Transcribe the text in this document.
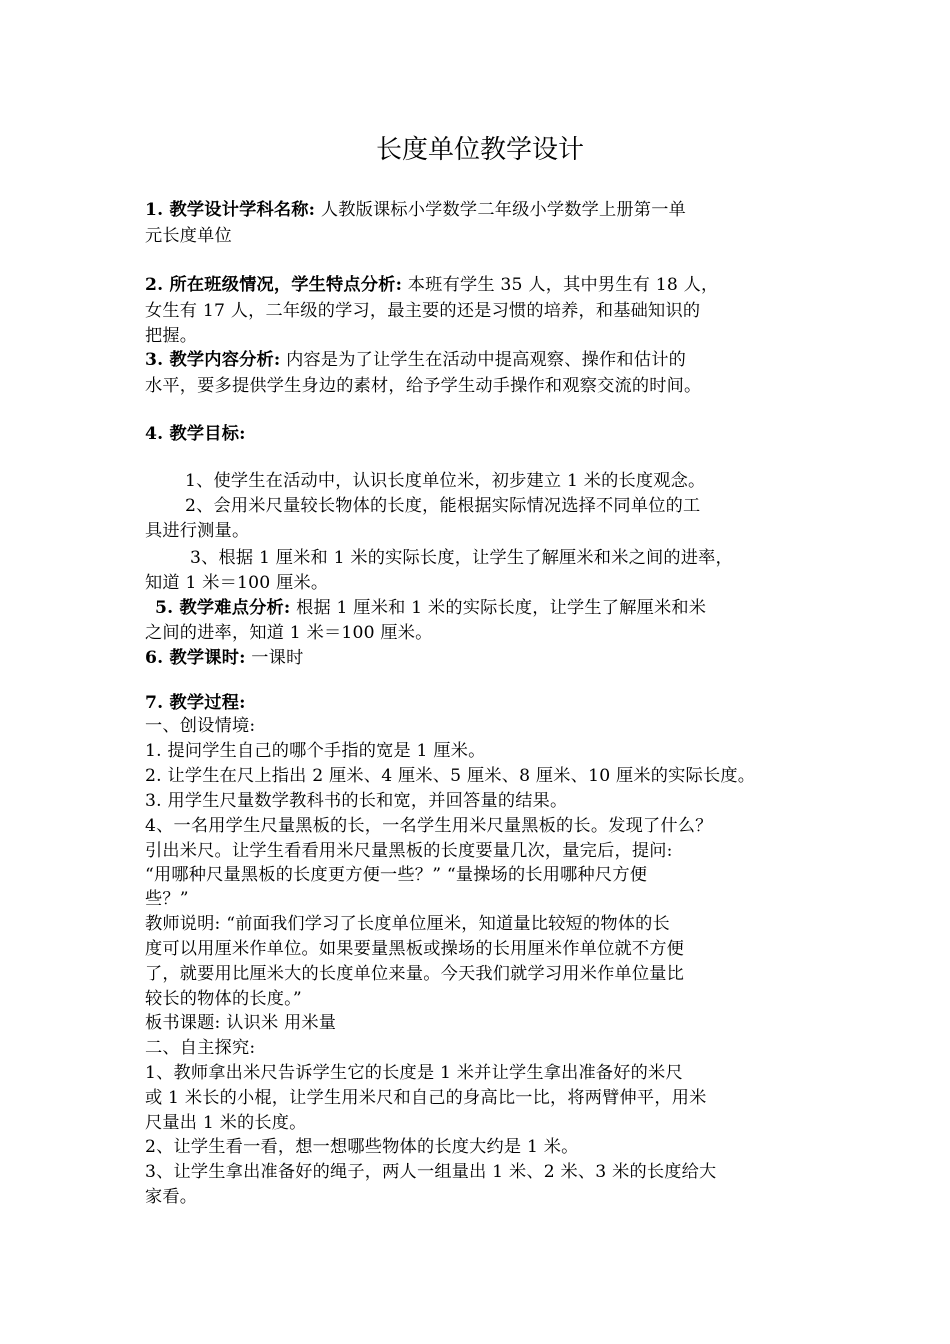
长度单位教学设计

1. 教学设计学科名称: 人教版课标小学数学二年级小学数学上册第一单

元长度单位

2. 所在班级情况，学生特点分析: 本班有学生 35 人，其中男生有 18 人，

女生有 17 人，二年级的学习，最主要的还是习惯的培养，和基础知识的

把握。

3. 教学内容分析: 内容是为了让学生在活动中提高观察、操作和估计的

水平，要多提供学生身边的素材，给予学生动手操作和观察交流的时间。

4. 教学目标:

1、使学生在活动中，认识长度单位米，初步建立 1 米的长度观念。

2、会用米尺量较长物体的长度，能根据实际情况选择不同单位的工

具进行测量。

3、根据 1 厘米和 1 米的实际长度，让学生了解厘米和米之间的进率，

知道 1 米＝100 厘米。

5. 教学难点分析: 根据 1 厘米和 1 米的实际长度，让学生了解厘米和米

之间的进率，知道 1 米＝100 厘米。

6. 教学课时: 一课时

7. 教学过程:

一、创设情境:

1. 提问学生自己的哪个手指的宽是 1 厘米。

2. 让学生在尺上指出 2 厘米、4 厘米、5 厘米、8 厘米、10 厘米的实际长度。

3. 用学生尺量数学教科书的长和宽，并回答量的结果。

4、一名用学生尺量黑板的长，一名学生用米尺量黑板的长。发现了什么？

引出米尺。让学生看看用米尺量黑板的长度要量几次，量完后，提问:

“用哪种尺量黑板的长度更方便一些？” “量操场的长用哪种尺方便

些？”

教师说明: “前面我们学习了长度单位厘米，知道量比较短的物体的长

度可以用厘米作单位。如果要量黑板或操场的长用厘米作单位就不方便

了，就要用比厘米大的长度单位来量。今天我们就学习用米作单位量比

较长的物体的长度。”

板书课题: 认识米 用米量

二、自主探究:

1、教师拿出米尺告诉学生它的长度是 1 米并让学生拿出准备好的米尺

或 1 米长的小棍，让学生用米尺和自己的身高比一比，将两臂伸平，用米

尺量出 1 米的长度。

2、让学生看一看，想一想哪些物体的长度大约是 1 米。

3、让学生拿出准备好的绳子，两人一组量出 1 米、2 米、3 米的长度给大

家看。
